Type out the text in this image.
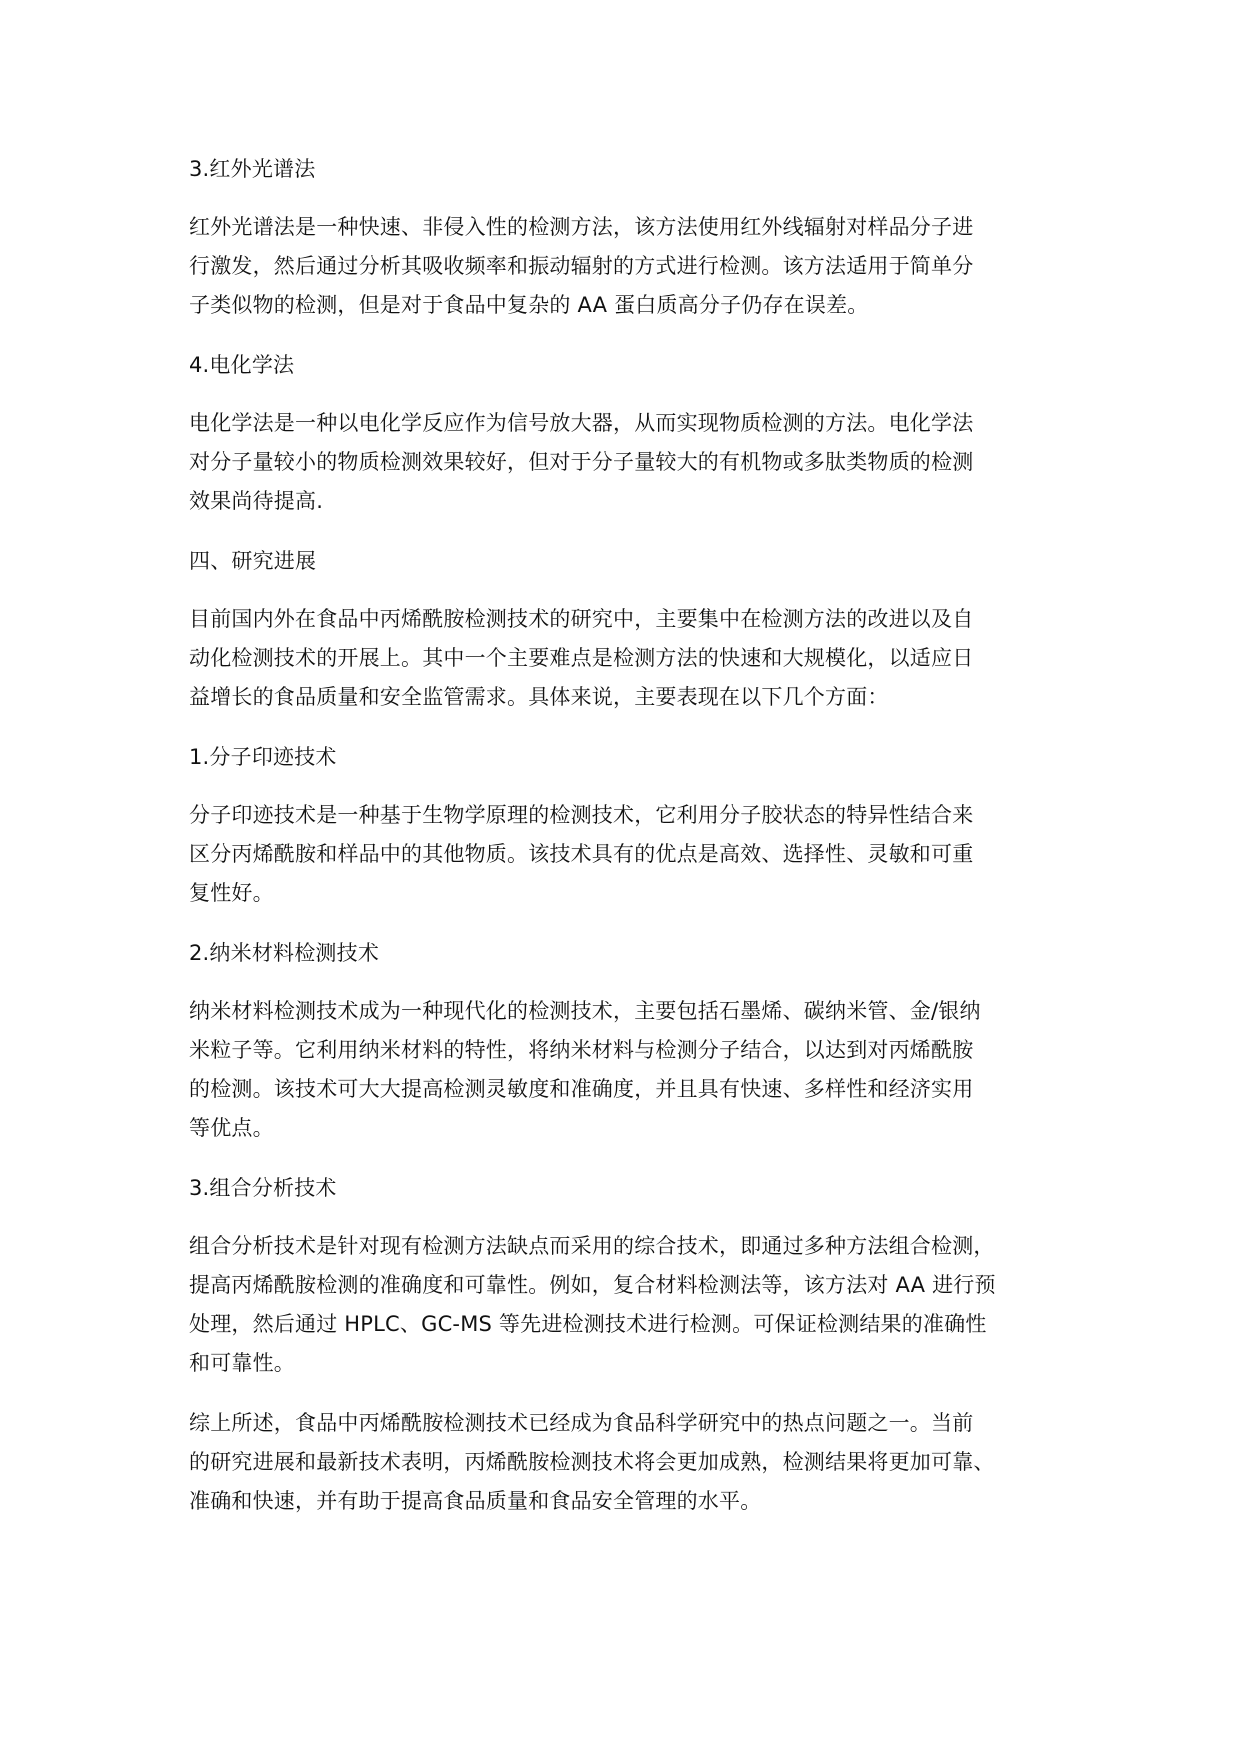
3.红外光谱法

红外光谱法是一种快速、非侵入性的检测方法，该方法使用红外线辐射对样品分子进
行激发，然后通过分析其吸收频率和振动辐射的方式进行检测。该方法适用于简单分
子类似物的检测，但是对于食品中复杂的 AA 蛋白质高分子仍存在误差。

4.电化学法

电化学法是一种以电化学反应作为信号放大器，从而实现物质检测的方法。电化学法
对分子量较小的物质检测效果较好，但对于分子量较大的有机物或多肽类物质的检测
效果尚待提高.

四、研究进展

目前国内外在食品中丙烯酰胺检测技术的研究中，主要集中在检测方法的改进以及自
动化检测技术的开展上。其中一个主要难点是检测方法的快速和大规模化，以适应日
益增长的食品质量和安全监管需求。具体来说，主要表现在以下几个方面：

1.分子印迹技术

分子印迹技术是一种基于生物学原理的检测技术，它利用分子胶状态的特异性结合来
区分丙烯酰胺和样品中的其他物质。该技术具有的优点是高效、选择性、灵敏和可重
复性好。

2.纳米材料检测技术

纳米材料检测技术成为一种现代化的检测技术，主要包括石墨烯、碳纳米管、金/银纳
米粒子等。它利用纳米材料的特性，将纳米材料与检测分子结合，以达到对丙烯酰胺
的检测。该技术可大大提高检测灵敏度和准确度，并且具有快速、多样性和经济实用
等优点。

3.组合分析技术

组合分析技术是针对现有检测方法缺点而采用的综合技术，即通过多种方法组合检测，
提高丙烯酰胺检测的准确度和可靠性。例如，复合材料检测法等，该方法对 AA 进行预
处理，然后通过 HPLC、GC-MS 等先进检测技术进行检测。可保证检测结果的准确性
和可靠性。
综上所述，食品中丙烯酰胺检测技术已经成为食品科学研究中的热点问题之一。当前
的研究进展和最新技术表明，丙烯酰胺检测技术将会更加成熟，检测结果将更加可靠、
准确和快速，并有助于提高食品质量和食品安全管理的水平。
